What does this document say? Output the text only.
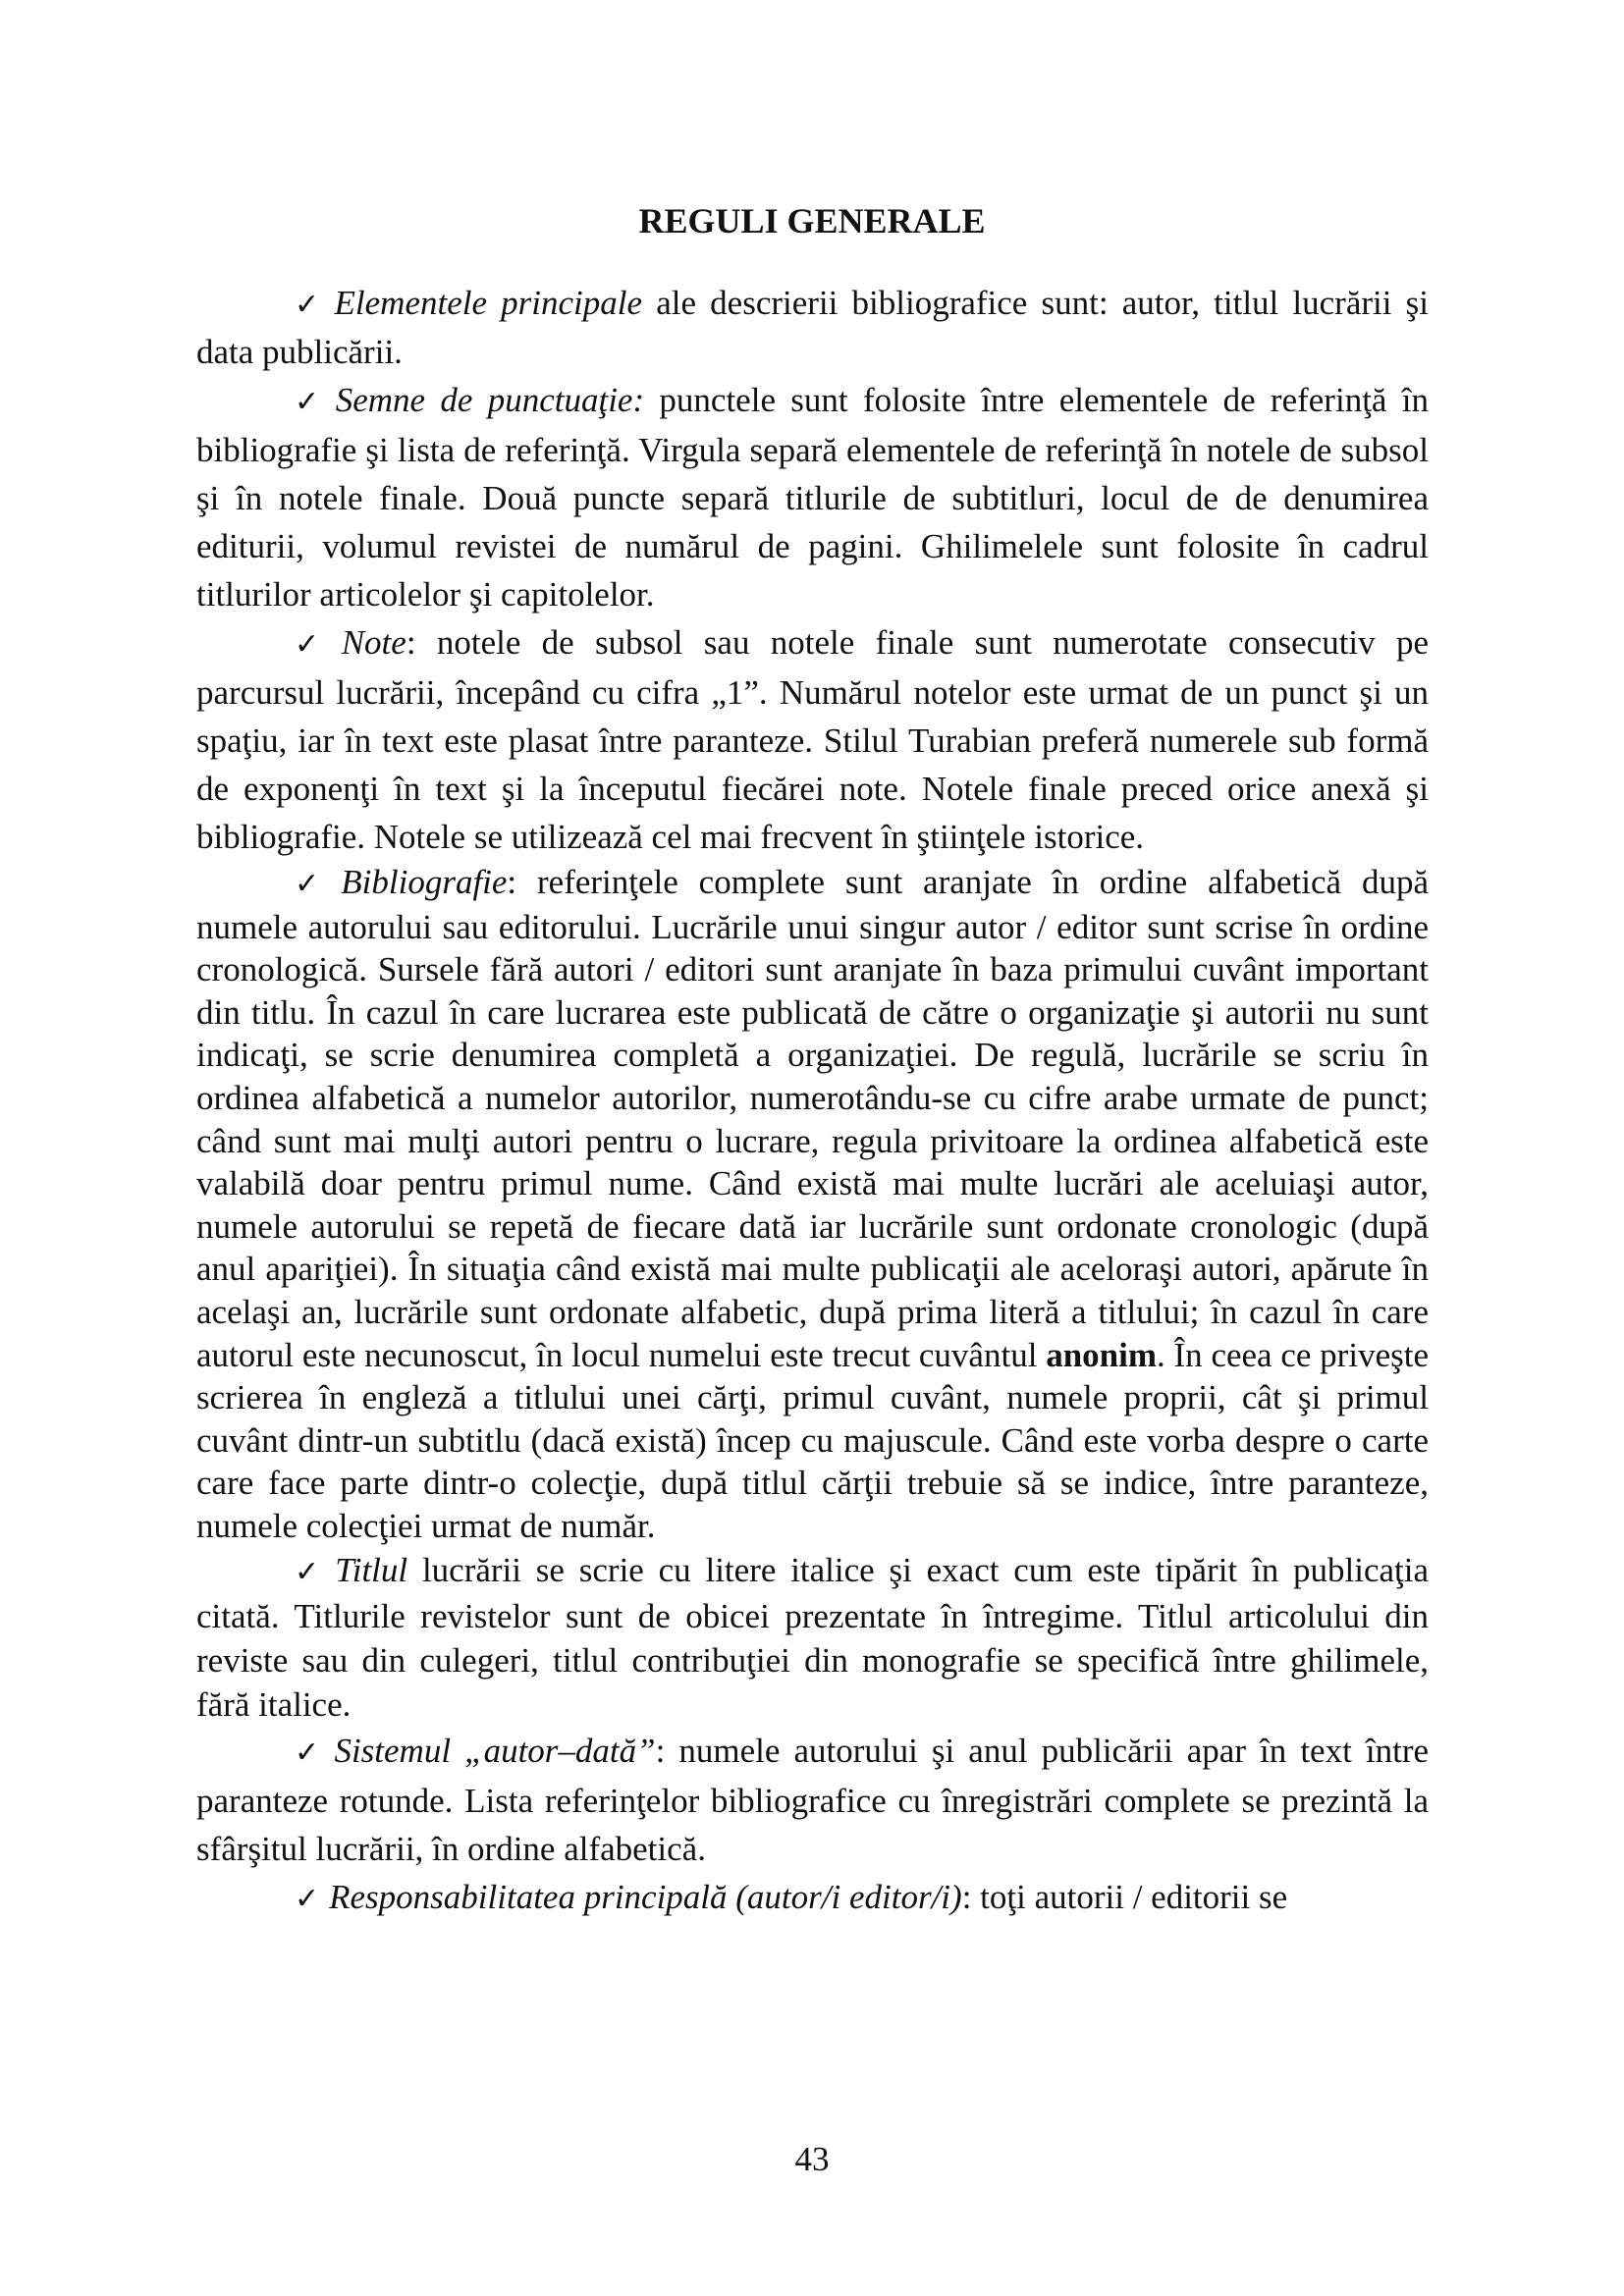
REGULI GENERALE

✓ Elementele principale ale descrierii bibliografice sunt: autor, titlul lucrării şi data publicării.

✓ Semne de punctuaţie: punctele sunt folosite între elementele de referinţă în bibliografie şi lista de referinţă. Virgula separă elementele de referinţă în notele de subsol şi în notele finale. Două puncte separă titlurile de subtitluri, locul de de denumirea editurii, volumul revistei de numărul de pagini. Ghilimelele sunt folosite în cadrul titlurilor articolelor şi capitolelor.

✓ Note: notele de subsol sau notele finale sunt numerotate consecutiv pe parcursul lucrării, începând cu cifra „1”. Numărul notelor este urmat de un punct şi un spaţiu, iar în text este plasat între paranteze. Stilul Turabian preferă numerele sub formă de exponenţi în text şi la începutul fiecărei note. Notele finale preced orice anexă şi bibliografie. Notele se utilizează cel mai frecvent în ştiinţele istorice.

✓ Bibliografie: referinţele complete sunt aranjate în ordine alfabetică după numele autorului sau editorului. Lucrările unui singur autor / editor sunt scrise în ordine cronologică. Sursele fără autori / editori sunt aranjate în baza primului cuvânt important din titlu. În cazul în care lucrarea este publicată de către o organizaţie şi autorii nu sunt indicaţi, se scrie denumirea completă a organizaţiei. De regulă, lucrările se scriu în ordinea alfabetică a numelor autorilor, numerotându-se cu cifre arabe urmate de punct; când sunt mai mulţi autori pentru o lucrare, regula privitoare la ordinea alfabetică este valabilă doar pentru primul nume. Când există mai multe lucrări ale aceluiaşi autor, numele autorului se repetă de fiecare dată iar lucrările sunt ordonate cronologic (după anul apariţiei). În situaţia când există mai multe publicaţii ale aceloraşi autori, apărute în acelaşi an, lucrările sunt ordonate alfabetic, după prima literă a titlului; în cazul în care autorul este necunoscut, în locul numelui este trecut cuvântul anonim. În ceea ce priveşte scrierea în engleză a titlului unei cărţi, primul cuvânt, numele proprii, cât şi primul cuvânt dintr-un subtitlu (dacă există) încep cu majuscule. Când este vorba despre o carte care face parte dintr-o colecţie, după titlul cărţii trebuie să se indice, între paranteze, numele colecţiei urmat de număr.

✓ Titlul lucrării se scrie cu litere italice şi exact cum este tipărit în publicaţia citată. Titlurile revistelor sunt de obicei prezentate în întregime. Titlul articolului din reviste sau din culegeri, titlul contribuţiei din monografie se specifică între ghilimele, fără italice.

✓ Sistemul „autor–dată”: numele autorului şi anul publicării apar în text între paranteze rotunde. Lista referinţelor bibliografice cu înregistrări complete se prezintă la sfârşitul lucrării, în ordine alfabetică.

✓ Responsabilitatea principală (autor/i editor/i): toţi autorii / editorii se

43
